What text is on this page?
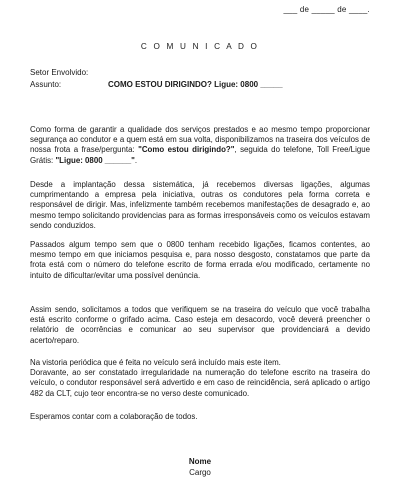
___ de _____ de ____.
C O M U N I C A D O
Setor Envolvido:
Assunto:	COMO ESTOU DIRIGINDO? Ligue: 0800 _____

Como forma de garantir a qualidade dos serviços prestados e ao mesmo tempo proporcionar segurança ao condutor e a quem está em sua volta, disponibilizamos na traseira dos veículos de nossa frota a frase/pergunta: "Como estou dirigindo?", seguida do telefone, Toll Free/Ligue Grátis: "Ligue: 0800 ______".

Desde a implantação dessa sistemática, já recebemos diversas ligações, algumas cumprimentando a empresa pela iniciativa, outras os condutores pela forma correta e responsável de dirigir. Mas, infelizmente também recebemos manifestações de desagrado e, ao mesmo tempo solicitando providencias para as formas irresponsáveis como os veículos estavam sendo conduzidos.

Passados algum tempo sem que o 0800 tenham recebido ligações, ficamos contentes, ao mesmo tempo em que iniciamos pesquisa e, para nosso desgosto, constatamos que parte da frota está com o número do telefone escrito de forma errada e/ou modificado, certamente no intuito de dificultar/evitar uma possível denúncia.

Assim sendo, solicitamos a todos que verifiquem se na traseira do veículo que você trabalha está escrito conforme o grifado acima. Caso esteja em desacordo, você deverá preencher o relatório de ocorrências e comunicar ao seu supervisor que providenciará a devido acerto/reparo.

Na vistoria periódica que é feita no veículo será incluído mais este item.
Doravante, ao ser constatado irregularidade na numeração do telefone escrito na traseira do veículo, o condutor responsável será advertido e em caso de reincidência, será aplicado o artigo 482 da CLT, cujo teor encontra-se no verso deste comunicado.

Esperamos contar com a colaboração de todos.

Nome
Cargo
